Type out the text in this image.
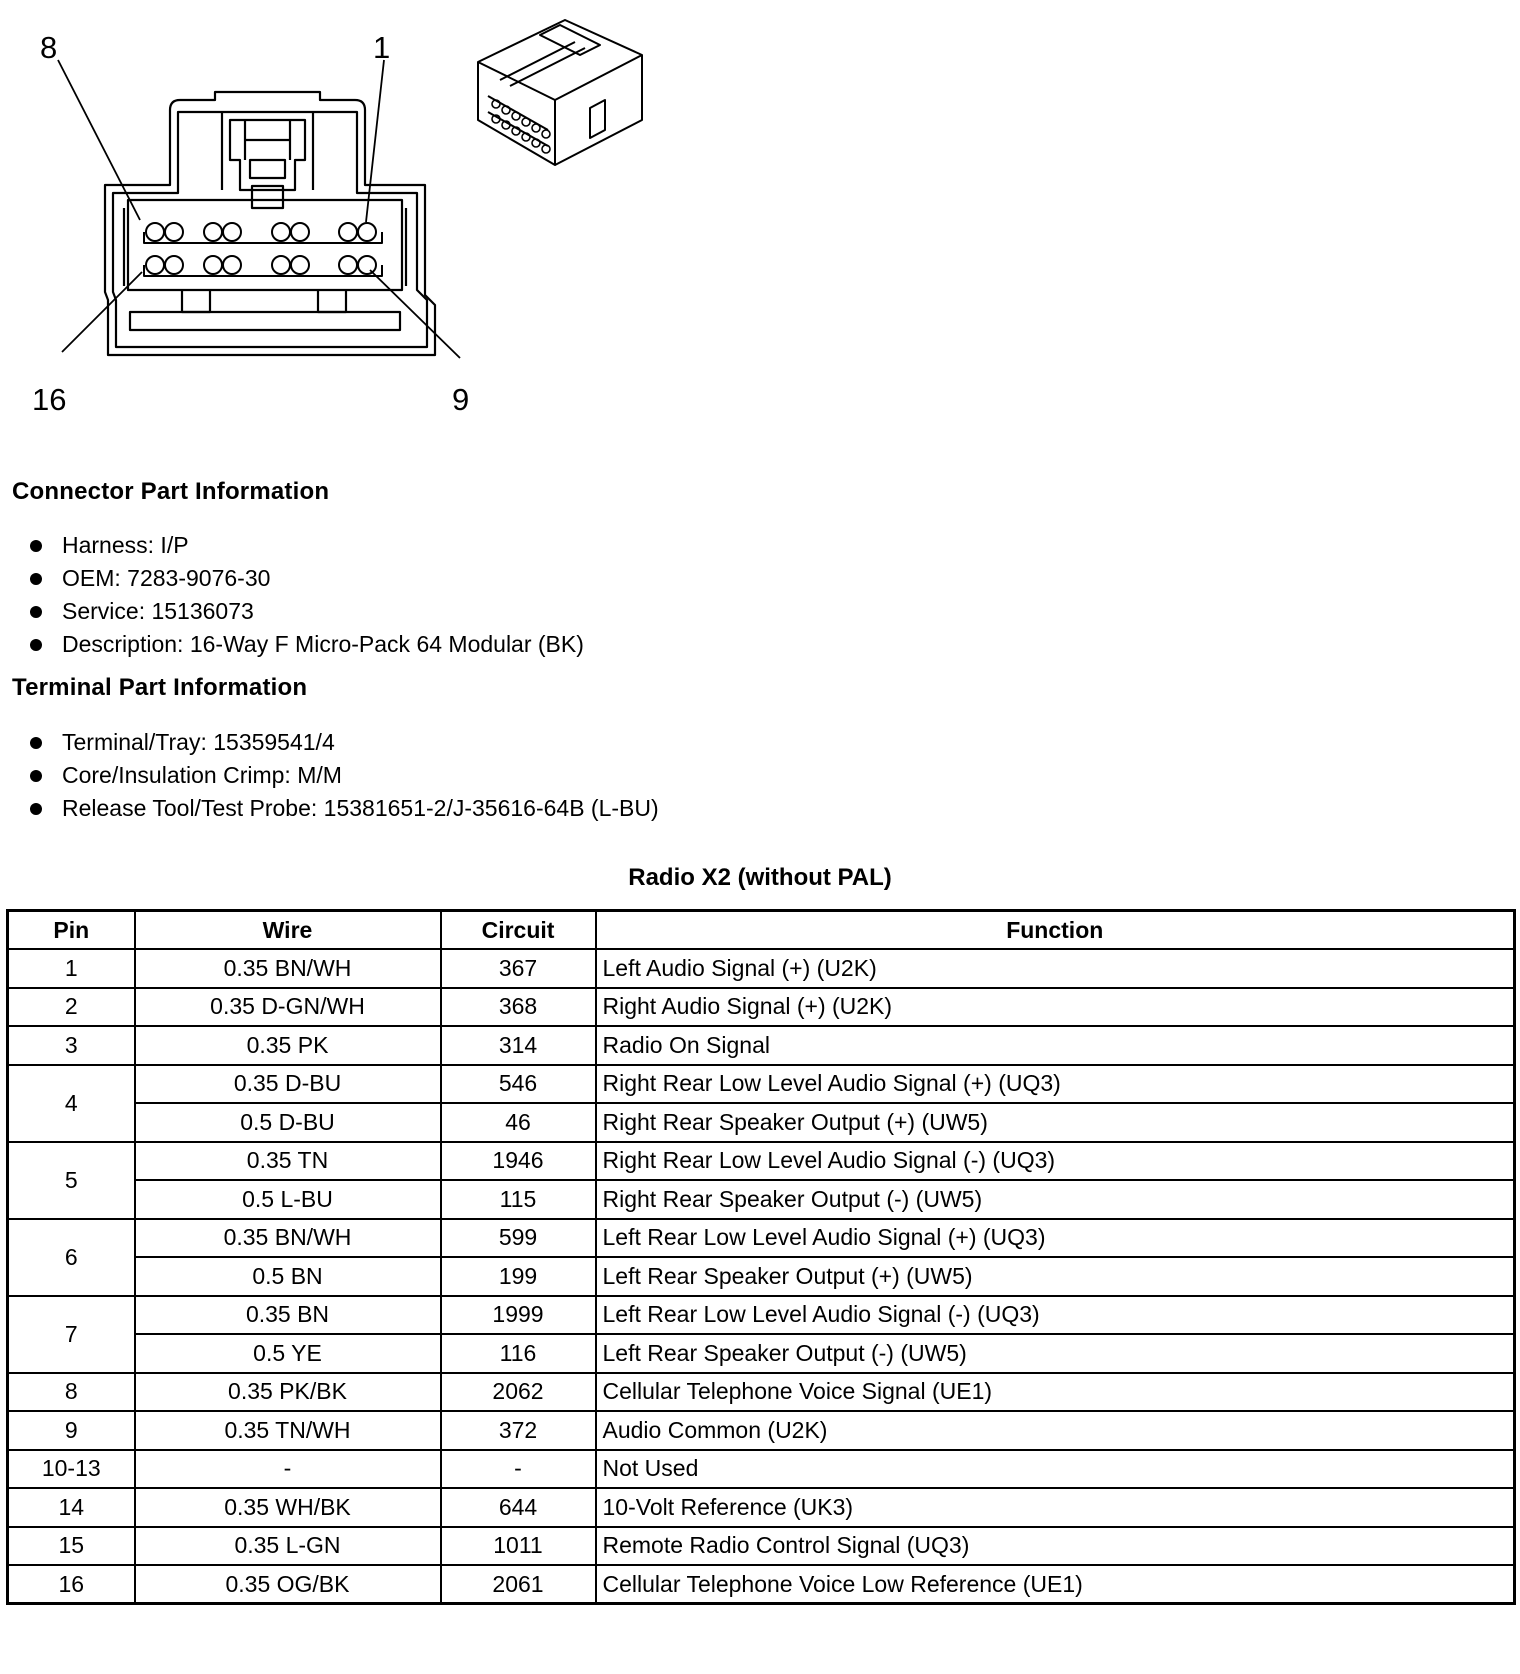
8	1
16	9
Connector Part Information
Harness: I/P
OEM: 7283-9076-30
Service: 15136073
Description: 16-Way F Micro-Pack 64 Modular (BK)
Terminal Part Information
Terminal/Tray: 15359541/4
Core/Insulation Crimp: M/M
Release Tool/Test Probe: 15381651-2/J-35616-64B (L-BU)
Radio X2 (without PAL)
Pin	Wire	Circuit	Function
1	0.35 BN/WH	367	Left Audio Signal (+) (U2K)
2	0.35 D-GN/WH	368	Right Audio Signal (+) (U2K)
3	0.35 PK	314	Radio On Signal
4	0.35 D-BU	546	Right Rear Low Level Audio Signal (+) (UQ3)
	0.5 D-BU	46	Right Rear Speaker Output (+) (UW5)
5	0.35 TN	1946	Right Rear Low Level Audio Signal (-) (UQ3)
	0.5 L-BU	115	Right Rear Speaker Output (-) (UW5)
6	0.35 BN/WH	599	Left Rear Low Level Audio Signal (+) (UQ3)
	0.5 BN	199	Left Rear Speaker Output (+) (UW5)
7	0.35 BN	1999	Left Rear Low Level Audio Signal (-) (UQ3)
	0.5 YE	116	Left Rear Speaker Output (-) (UW5)
8	0.35 PK/BK	2062	Cellular Telephone Voice Signal (UE1)
9	0.35 TN/WH	372	Audio Common (U2K)
10-13	-	-	Not Used
14	0.35 WH/BK	644	10-Volt Reference (UK3)
15	0.35 L-GN	1011	Remote Radio Control Signal (UQ3)
16	0.35 OG/BK	2061	Cellular Telephone Voice Low Reference (UE1)
